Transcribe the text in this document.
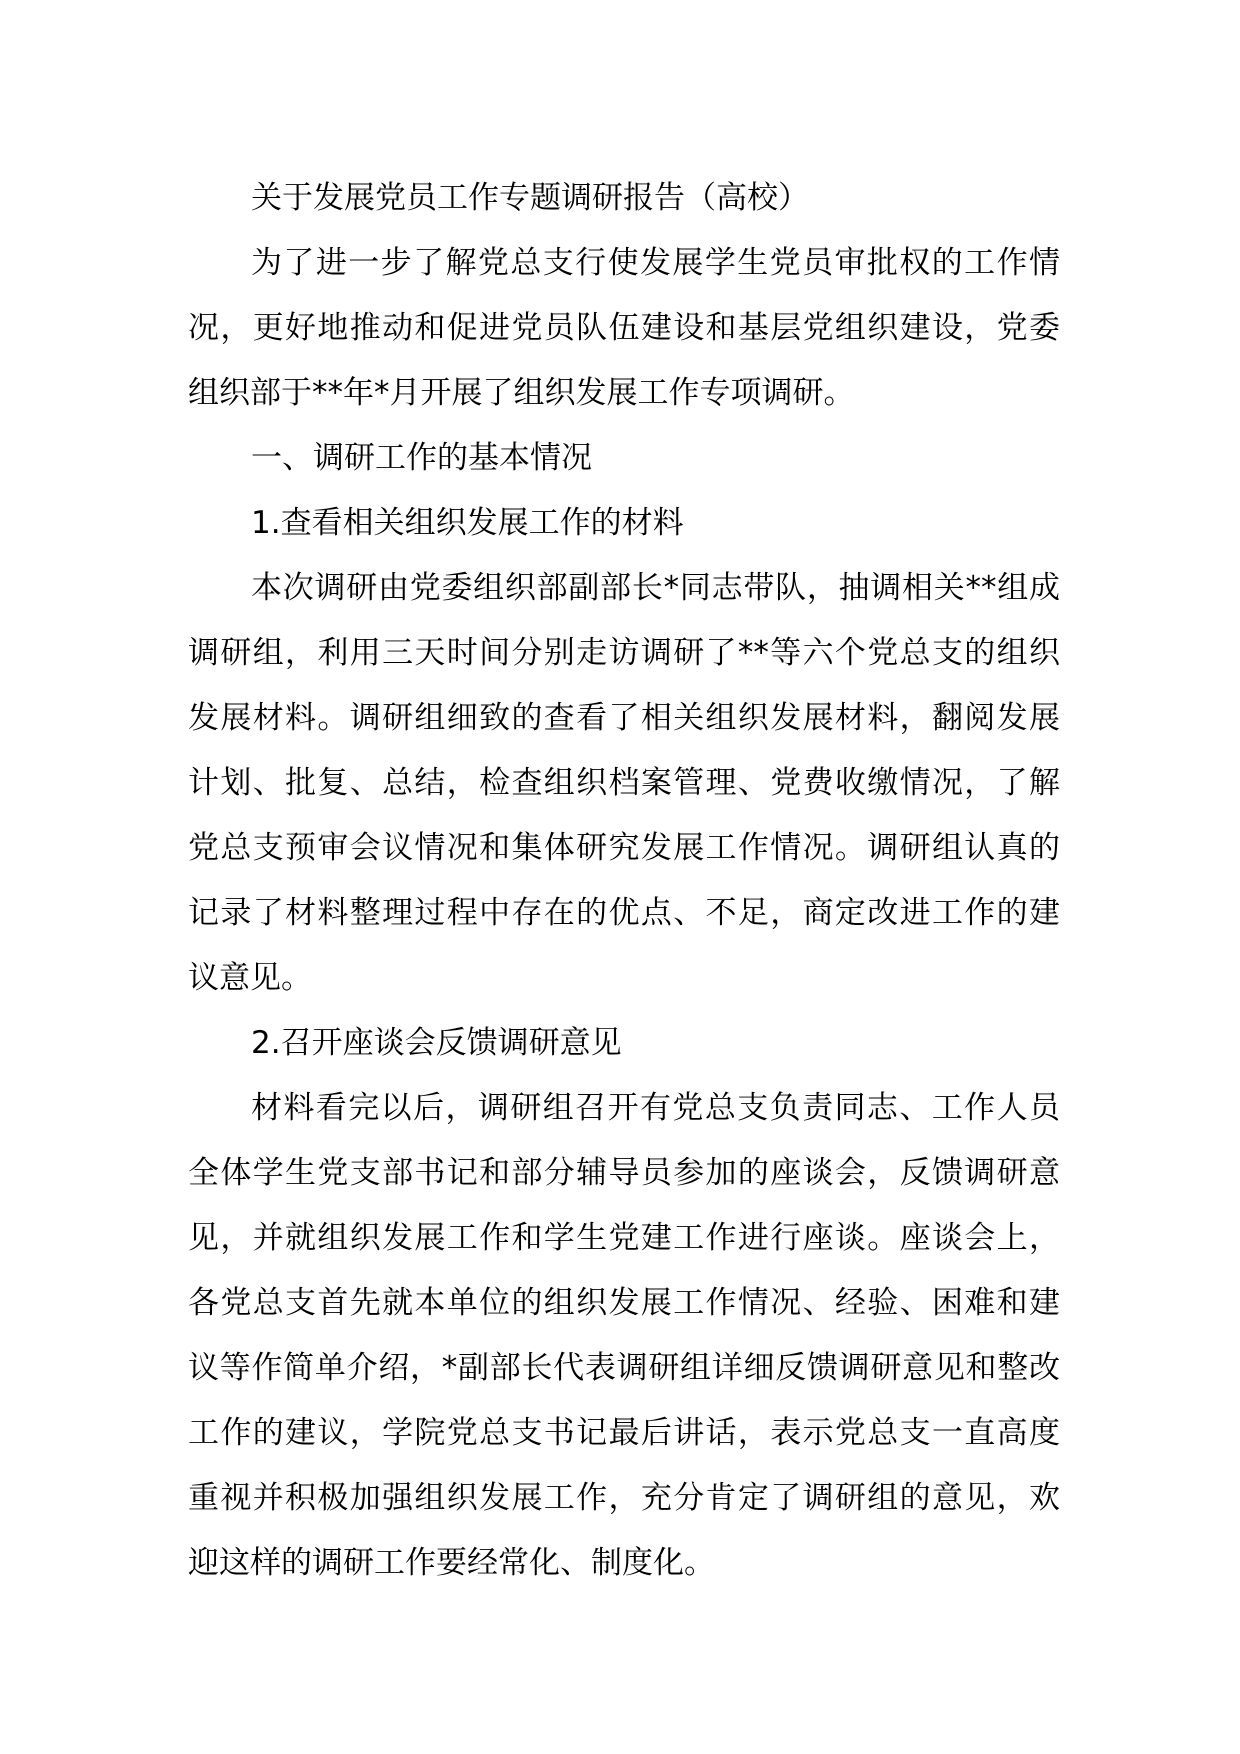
关于发展党员工作专题调研报告（高校）
为了进一步了解党总支行使发展学生党员审批权的工作情
况，更好地推动和促进党员队伍建设和基层党组织建设，党委
组织部于**年*月开展了组织发展工作专项调研。
一、调研工作的基本情况
1.查看相关组织发展工作的材料
本次调研由党委组织部副部长*同志带队，抽调相关**组成
调研组，利用三天时间分别走访调研了**等六个党总支的组织
发展材料。调研组细致的查看了相关组织发展材料，翻阅发展
计划、批复、总结，检查组织档案管理、党费收缴情况，了解
党总支预审会议情况和集体研究发展工作情况。调研组认真的
记录了材料整理过程中存在的优点、不足，商定改进工作的建
议意见。
2.召开座谈会反馈调研意见
材料看完以后，调研组召开有党总支负责同志、工作人员
全体学生党支部书记和部分辅导员参加的座谈会，反馈调研意
见，并就组织发展工作和学生党建工作进行座谈。座谈会上，
各党总支首先就本单位的组织发展工作情况、经验、困难和建
议等作简单介绍，*副部长代表调研组详细反馈调研意见和整改
工作的建议，学院党总支书记最后讲话，表示党总支一直高度
重视并积极加强组织发展工作，充分肯定了调研组的意见，欢
迎这样的调研工作要经常化、制度化。
